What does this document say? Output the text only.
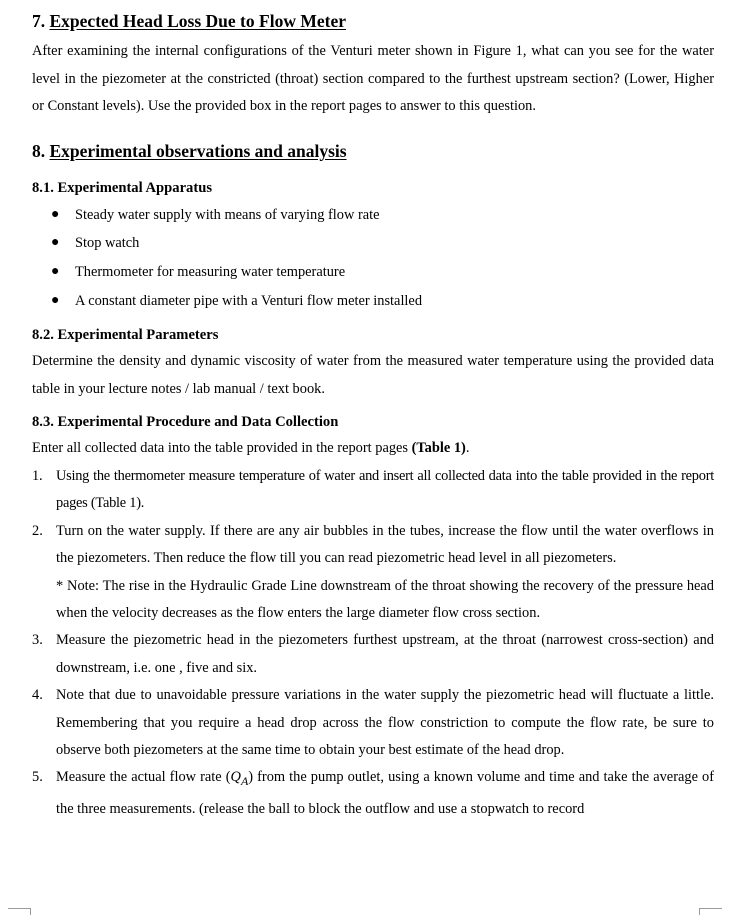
7. Expected Head Loss Due to Flow Meter

After examining the internal configurations of the Venturi meter shown in Figure 1, what can you see for the water level in the piezometer at the constricted (throat) section compared to the furthest upstream section? (Lower, Higher or Constant levels). Use the provided box in the report pages to answer to this question.

8. Experimental observations and analysis
8.1. Experimental Apparatus
● Steady water supply with means of varying flow rate
● Stop watch
● Thermometer for measuring water temperature
● A constant diameter pipe with a Venturi flow meter installed
8.2. Experimental Parameters

Determine the density and dynamic viscosity of water from the measured water temperature using the provided data table in your lecture notes / lab manual / text book.

8.3. Experimental Procedure and Data Collection

Enter all collected data into the table provided in the report pages (Table 1).

1. Using the thermometer measure temperature of water and insert all collected data into the table provided in the report pages (Table 1).
2. Turn on the water supply. If there are any air bubbles in the tubes, increase the flow until the water overflows in the piezometers. Then reduce the flow till you can read piezometric head level in all piezometers.
* Note: The rise in the Hydraulic Grade Line downstream of the throat showing the recovery of the pressure head when the velocity decreases as the flow enters the large diameter flow cross section.
3. Measure the piezometric head in the piezometers furthest upstream, at the throat (narrowest cross-section) and downstream, i.e. one , five and six.
4. Note that due to unavoidable pressure variations in the water supply the piezometric head will fluctuate a little. Remembering that you require a head drop across the flow constriction to compute the flow rate, be sure to observe both piezometers at the same time to obtain your best estimate of the head drop.
5. Measure the actual flow rate $(Q_A)$ from the pump outlet, using a known volume and time and take the average of the three measurements. (release the ball to block the outflow and use a stopwatch to record
